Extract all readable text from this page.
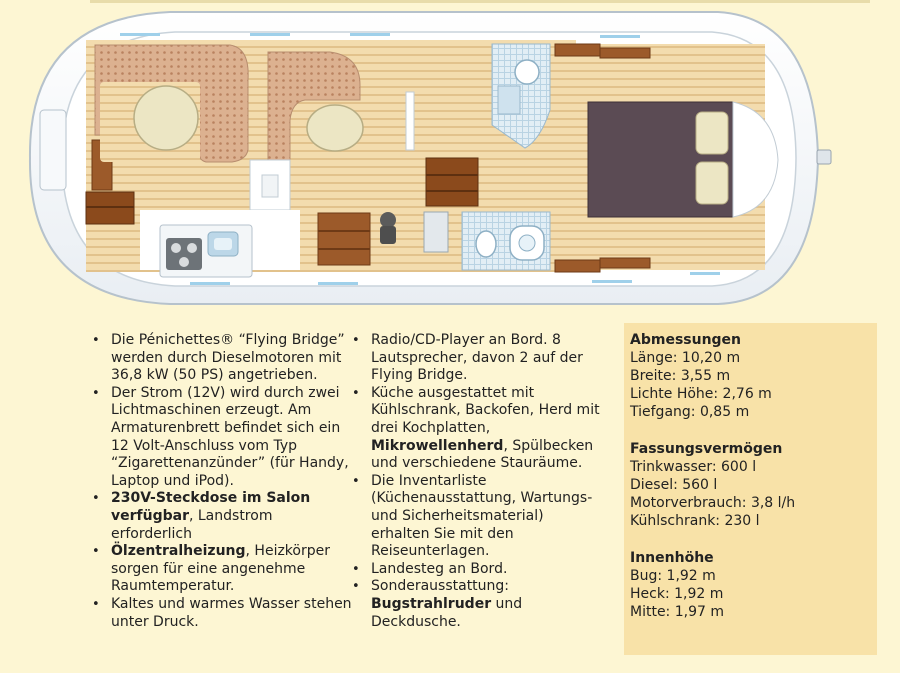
• Die Pénichettes® “Flying Bridge” werden durch Dieselmotoren mit 36,8 kW (50 PS) angetrieben.
• Der Strom (12V) wird durch zwei Lichtmaschinen erzeugt. Am Armaturenbrett befindet sich ein 12 Volt-Anschluss vom Typ “Zigarettenanzünder” (für Handy, Laptop und iPod).
• 230V-Steckdose im Salon verfügbar, Landstrom erforderlich
• Ölzentralheizung, Heizkörper sorgen für eine angenehme Raumtemperatur.
• Kaltes und warmes Wasser stehen unter Druck.
• Radio/CD-Player an Bord. 8 Lautsprecher, davon 2 auf der Flying Bridge.
• Küche ausgestattet mit Kühlschrank, Backofen, Herd mit drei Kochplatten, Mikrowellenherd, Spülbecken und verschiedene Stauräume.
• Die Inventarliste (Küchenausstattung, Wartungs- und Sicherheitsmaterial) erhalten Sie mit den Reiseunterlagen.
• Landesteg an Bord.
• Sonderausstattung: Bugstrahlruder und Deckdusche.

Abmessungen

Länge: 10,20 m

Breite: 3,55 m

Lichte Höhe: 2,76 m

Tiefgang: 0,85 m

Fassungsvermögen

Trinkwasser: 600 l

Diesel: 560 l

Motorverbrauch: 3,8 l/h

Kühlschrank: 230 l

Innenhöhe

Bug: 1,92 m

Heck: 1,92 m

Mitte: 1,97 m
